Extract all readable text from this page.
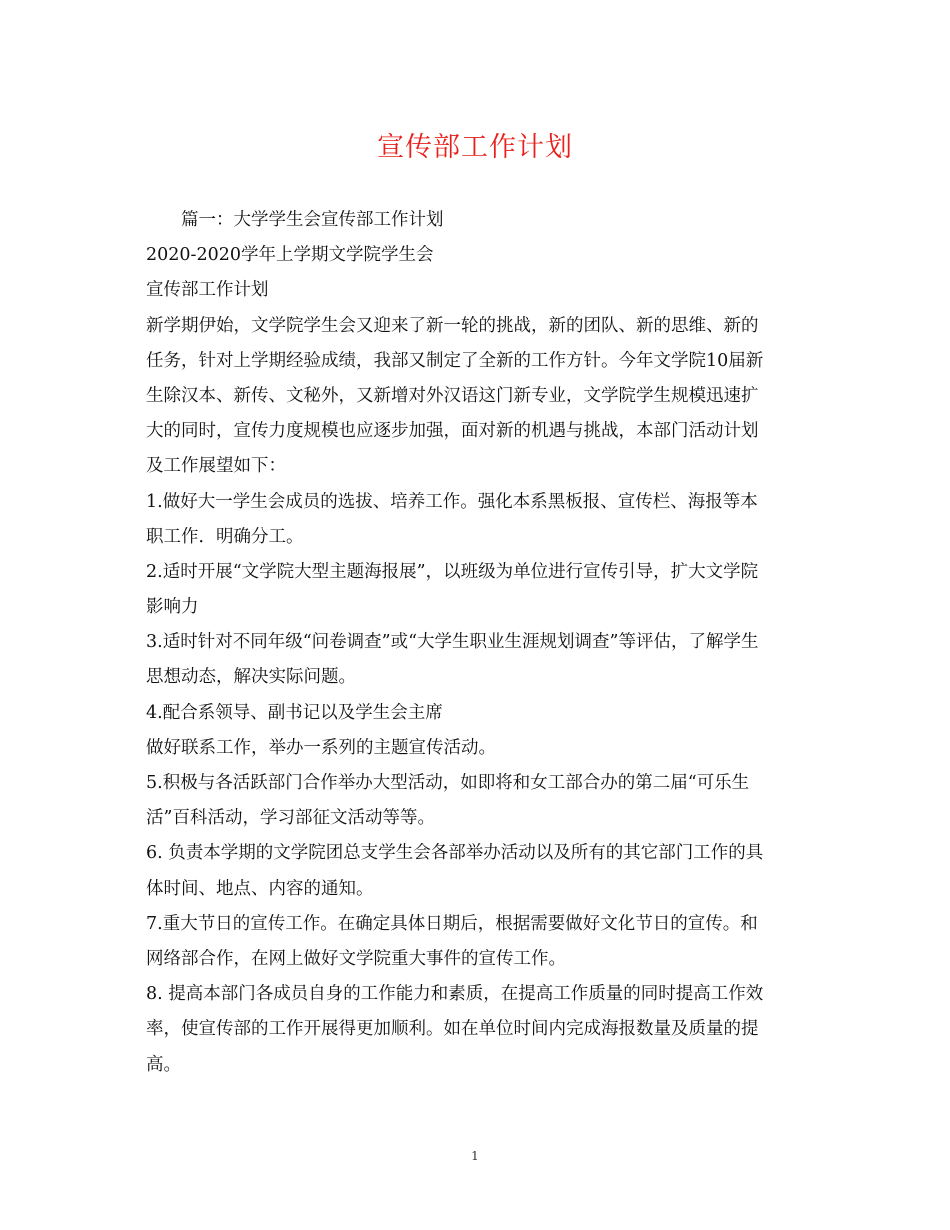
宣传部工作计划
　　篇一：大学学生会宣传部工作计划
2020-2020学年上学期文学院学生会
宣传部工作计划
新学期伊始，文学院学生会又迎来了新一轮的挑战，新的团队、新的思维、新的
任务，针对上学期经验成绩，我部又制定了全新的工作方针。今年文学院10届新
生除汉本、新传、文秘外，又新增对外汉语这门新专业，文学院学生规模迅速扩
大的同时，宣传力度规模也应逐步加强，面对新的机遇与挑战，本部门活动计划
及工作展望如下：
1.做好大一学生会成员的选拔、培养工作。强化本系黑板报、宣传栏、海报等本
职工作．明确分工。
2.适时开展“文学院大型主题海报展”，以班级为单位进行宣传引导，扩大文学院
影响力
3.适时针对不同年级“问卷调查”或“大学生职业生涯规划调查”等评估，了解学生
思想动态，解决实际问题。
4.配合系领导、副书记以及学生会主席
做好联系工作，举办一系列的主题宣传活动。
5.积极与各活跃部门合作举办大型活动，如即将和女工部合办的第二届“可乐生
活”百科活动，学习部征文活动等等。
6. 负责本学期的文学院团总支学生会各部举办活动以及所有的其它部门工作的具
体时间、地点、内容的通知。
7.重大节日的宣传工作。在确定具体日期后，根据需要做好文化节日的宣传。和
网络部合作，在网上做好文学院重大事件的宣传工作。
8. 提高本部门各成员自身的工作能力和素质，在提高工作质量的同时提高工作效
率，使宣传部的工作开展得更加顺利。如在单位时间内完成海报数量及质量的提
高。
1
